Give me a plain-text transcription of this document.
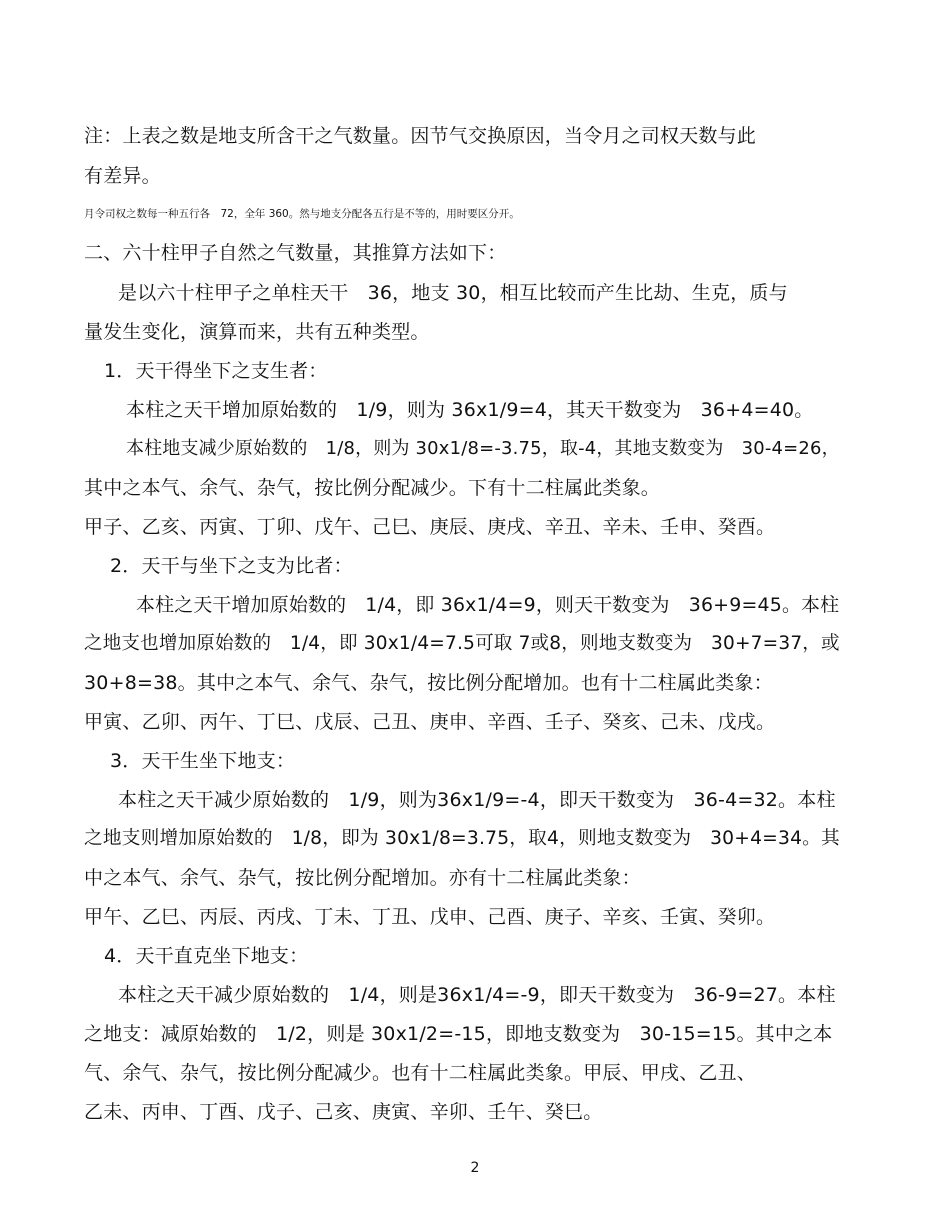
注：上表之数是地支所含干之气数量。因节气交换原因，当令月之司权天数与此
有差异。
月令司权之数每一种五行各　72，全年 360。然与地支分配各五行是不等的，用时要区分开。
二、六十柱甲子自然之气数量，其推算方法如下：
是以六十柱甲子之单柱天干　36，地支 30，相互比较而产生比劫、生克，质与
量发生变化，演算而来，共有五种类型。
1．天干得坐下之支生者：
本柱之天干增加原始数的　1/9，则为 36x1/9=4，其天干数变为　36+4=40。
本柱地支减少原始数的　1/8，则为 30x1/8=-3.75，取-4，其地支数变为　30-4=26，
其中之本气、余气、杂气，按比例分配减少。下有十二柱属此类象。
甲子、乙亥、丙寅、丁卯、戊午、己巳、庚辰、庚戌、辛丑、辛未、壬申、癸酉。
2．天干与坐下之支为比者：
本柱之天干增加原始数的　1/4，即 36x1/4=9，则天干数变为　36+9=45。本柱
之地支也增加原始数的　1/4，即 30x1/4=7.5可取 7或8，则地支数变为　30+7=37，或
30+8=38。其中之本气、余气、杂气，按比例分配增加。也有十二柱属此类象：
甲寅、乙卯、丙午、丁巳、戊辰、己丑、庚申、辛酉、壬子、癸亥、己未、戊戌。
3．天干生坐下地支：
本柱之天干减少原始数的　1/9，则为36x1/9=-4，即天干数变为　36-4=32。本柱
之地支则增加原始数的　1/8，即为 30x1/8=3.75，取4，则地支数变为　30+4=34。其
中之本气、余气、杂气，按比例分配增加。亦有十二柱属此类象：
甲午、乙巳、丙辰、丙戌、丁未、丁丑、戊申、己酉、庚子、辛亥、壬寅、癸卯。
4．天干直克坐下地支：
本柱之天干减少原始数的　1/4，则是36x1/4=-9，即天干数变为　36-9=27。本柱
之地支：减原始数的　1/2，则是 30x1/2=-15，即地支数变为　30-15=15。其中之本
气、余气、杂气，按比例分配减少。也有十二柱属此类象。甲辰、甲戌、乙丑、
乙未、丙申、丁酉、戊子、己亥、庚寅、辛卯、壬午、癸巳。
2
